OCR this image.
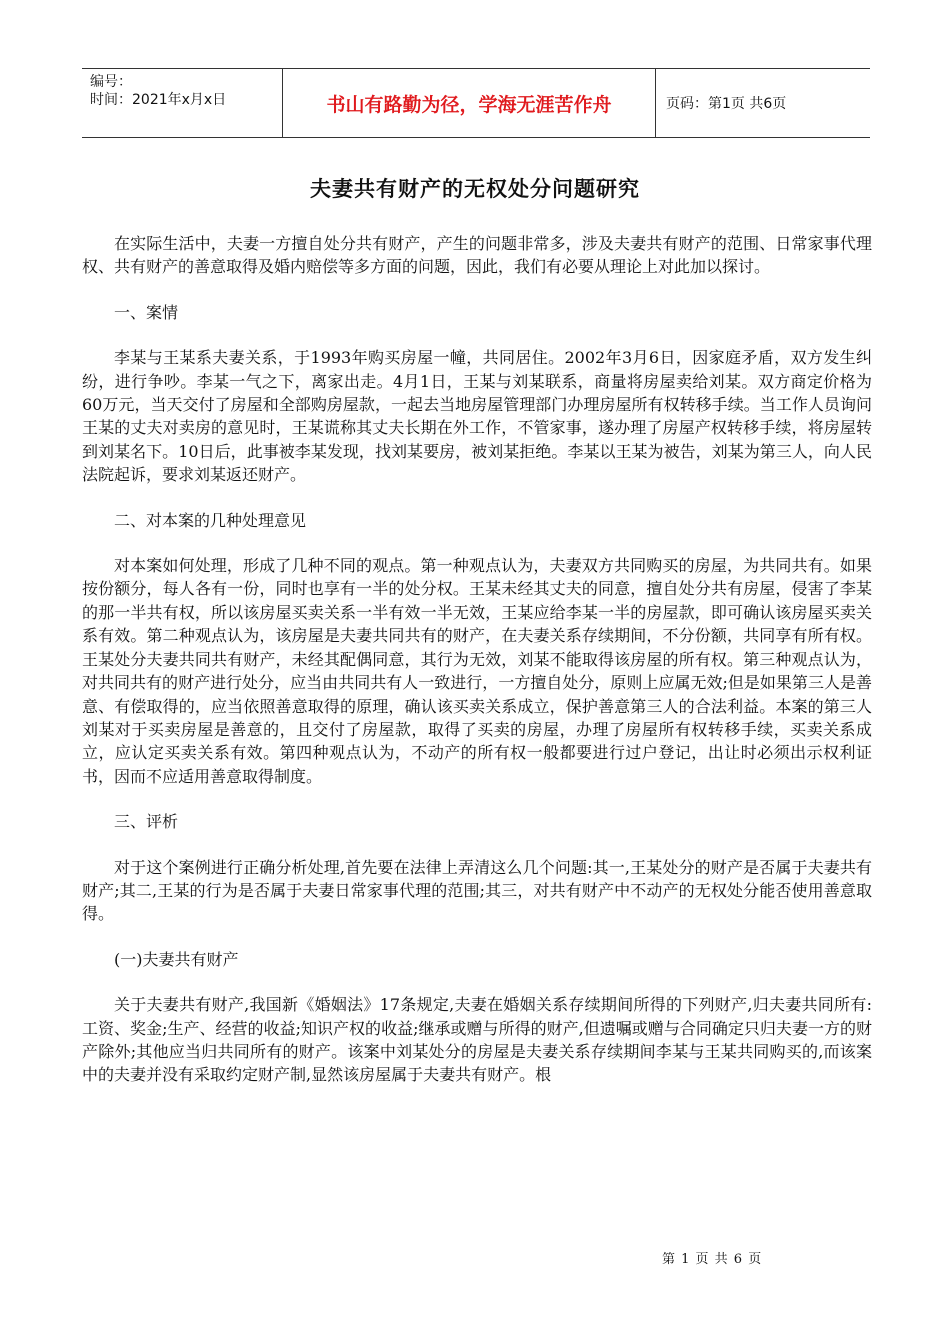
编号：
时间：2021年x月x日	书山有路勤为径，学海无涯苦作舟	页码：第1页 共6页
夫妻共有财产的无权处分问题研究

在实际生活中，夫妻一方擅自处分共有财产，产生的问题非常多，涉及夫妻共有财产的范围、日常家事代理权、共有财产的善意取得及婚内赔偿等多方面的问题，因此，我们有必要从理论上对此加以探讨。

一、案情

李某与王某系夫妻关系，于1993年购买房屋一幢，共同居住。2002年3月6日，因家庭矛盾，双方发生纠纷，进行争吵。李某一气之下，离家出走。4月1日，王某与刘某联系，商量将房屋卖给刘某。双方商定价格为60万元，当天交付了房屋和全部购房屋款，一起去当地房屋管理部门办理房屋所有权转移手续。当工作人员询问王某的丈夫对卖房的意见时，王某谎称其丈夫长期在外工作，不管家事，遂办理了房屋产权转移手续，将房屋转到刘某名下。10日后，此事被李某发现，找刘某要房，被刘某拒绝。李某以王某为被告，刘某为第三人，向人民法院起诉，要求刘某返还财产。

二、对本案的几种处理意见

对本案如何处理，形成了几种不同的观点。第一种观点认为，夫妻双方共同购买的房屋，为共同共有。如果按份额分，每人各有一份，同时也享有一半的处分权。王某未经其丈夫的同意，擅自处分共有房屋，侵害了李某的那一半共有权，所以该房屋买卖关系一半有效一半无效，王某应给李某一半的房屋款，即可确认该房屋买卖关系有效。第二种观点认为，该房屋是夫妻共同共有的财产，在夫妻关系存续期间，不分份额，共同享有所有权。王某处分夫妻共同共有财产，未经其配偶同意，其行为无效，刘某不能取得该房屋的所有权。第三种观点认为，对共同共有的财产进行处分，应当由共同共有人一致进行，一方擅自处分，原则上应属无效;但是如果第三人是善意、有偿取得的，应当依照善意取得的原理，确认该买卖关系成立，保护善意第三人的合法利益。本案的第三人刘某对于买卖房屋是善意的，且交付了房屋款，取得了买卖的房屋，办理了房屋所有权转移手续，买卖关系成立，应认定买卖关系有效。第四种观点认为，不动产的所有权一般都要进行过户登记，出让时必须出示权利证书，因而不应适用善意取得制度。

三、评析

对于这个案例进行正确分析处理,首先要在法律上弄清这么几个问题:其一,王某处分的财产是否属于夫妻共有财产;其二,王某的行为是否属于夫妻日常家事代理的范围;其三，对共有财产中不动产的无权处分能否使用善意取得。

(一)夫妻共有财产

关于夫妻共有财产,我国新《婚姻法》17条规定,夫妻在婚姻关系存续期间所得的下列财产,归夫妻共同所有:工资、奖金;生产、经营的收益;知识产权的收益;继承或赠与所得的财产,但遗嘱或赠与合同确定只归夫妻一方的财产除外;其他应当归共同所有的财产。该案中刘某处分的房屋是夫妻关系存续期间李某与王某共同购买的,而该案中的夫妻并没有采取约定财产制,显然该房屋属于夫妻共有财产。根

第 1 页 共 6 页
